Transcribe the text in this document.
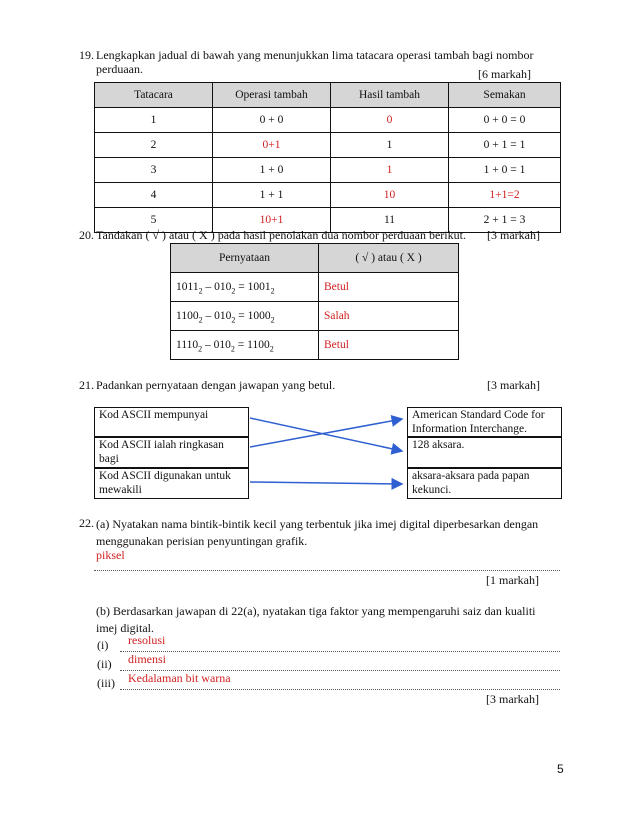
19. Lengkapkan jadual di bawah yang menunjukkan lima tatacara operasi tambah bagi nombor perduaan.	[6 markah]
Tatacara	Operasi tambah	Hasil tambah	Semakan
1	0 + 0	0	0 + 0 = 0
2	0+1	1	0 + 1 = 1
3	1 + 0	1	1 + 0 = 1
4	1 + 1	10	1+1=2
5	10+1	11	2 + 1 = 3
20. Tandakan ( √ ) atau ( X ) pada hasil penolakan dua nombor perduaan berikut. [3 markah]
Pernyataan	( √ ) atau ( X )
$1011_2 - 010_2 = 1001_2$	Betul
$1100_2 - 010_2 = 1000_2$	Salah
$1110_2 - 010_2 = 1100_2$	Betul
21. Padankan pernyataan dengan jawapan yang betul.	[3 markah]
Kod ASCII mempunyai
Kod ASCII ialah ringkasan bagi
Kod ASCII digunakan untuk mewakili
American Standard Code for Information Interchange.
128 aksara.
aksara-aksara pada papan kekunci.
22. (a) Nyatakan nama bintik-bintik kecil yang terbentuk jika imej digital diperbesarkan dengan menggunakan perisian penyuntingan grafik.
piksel
[1 markah]
(b) Berdasarkan jawapan di 22(a), nyatakan tiga faktor yang mempengaruhi saiz dan kualiti imej digital.
(i) resolusi
(ii) dimensi
(iii) Kedalaman bit warna
[3 markah]
5
